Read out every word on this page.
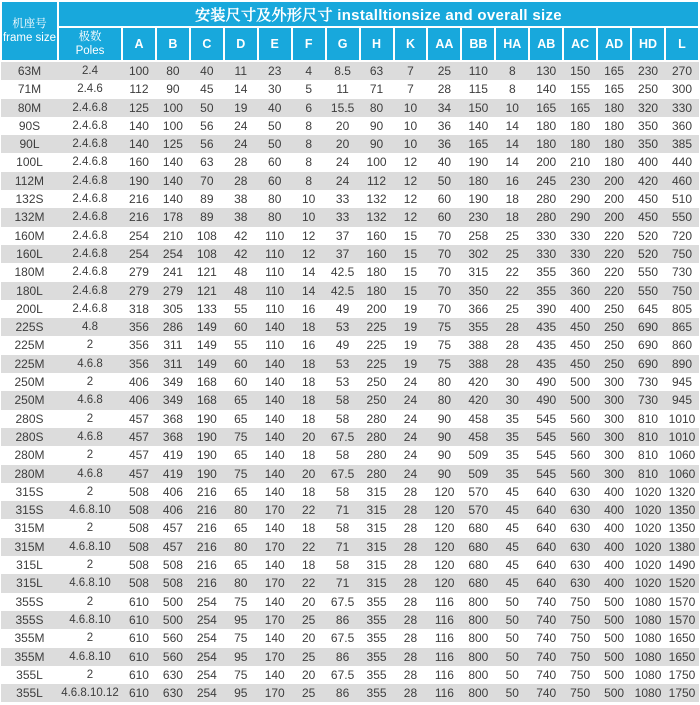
机座号
frame size	安装尺寸及外形尺寸 installtionsize and overall size																	

	极数
Poles	A	B	C	D	E	F	G	H	K	AA	BB	HA	AB	AC	AD	HD	L
63M	2.4	100	80	40	11	23	4	8.5	63	7	25	110	8	130	150	165	230	270
71M	2.4.6	112	90	45	14	30	5	11	71	7	28	115	8	140	155	165	250	300
80M	2.4.6.8	125	100	50	19	40	6	15.5	80	10	34	150	10	165	165	180	320	330
90S	2.4.6.8	140	100	56	24	50	8	20	90	10	36	140	14	180	180	180	350	360
90L	2.4.6.8	140	125	56	24	50	8	20	90	10	36	165	14	180	180	180	350	385
100L	2.4.6.8	160	140	63	28	60	8	24	100	12	40	190	14	200	210	180	400	440
112M	2.4.6.8	190	140	70	28	60	8	24	112	12	50	180	16	245	230	200	420	460
132S	2.4.6.8	216	140	89	38	80	10	33	132	12	60	190	18	280	290	200	450	510
132M	2.4.6.8	216	178	89	38	80	10	33	132	12	60	230	18	280	290	200	450	550
160M	2.4.6.8	254	210	108	42	110	12	37	160	15	70	258	25	330	330	220	520	720
160L	2.4.6.8	254	254	108	42	110	12	37	160	15	70	302	25	330	330	220	520	750
180M	2.4.6.8	279	241	121	48	110	14	42.5	180	15	70	315	22	355	360	220	550	730
180L	2.4.6.8	279	279	121	48	110	14	42.5	180	15	70	350	22	355	360	220	550	750
200L	2.4.6.8	318	305	133	55	110	16	49	200	19	70	366	25	390	400	250	645	805
225S	4.8	356	286	149	60	140	18	53	225	19	75	355	28	435	450	250	690	865
225M	2	356	311	149	55	110	16	49	225	19	75	388	28	435	450	250	690	860
225M	4.6.8	356	311	149	60	140	18	53	225	19	75	388	28	435	450	250	690	890
250M	2	406	349	168	60	140	18	53	250	24	80	420	30	490	500	300	730	945
250M	4.6.8	406	349	168	65	140	18	58	250	24	80	420	30	490	500	300	730	945
280S	2	457	368	190	65	140	18	58	280	24	90	458	35	545	560	300	810	1010
280S	4.6.8	457	368	190	75	140	20	67.5	280	24	90	458	35	545	560	300	810	1010
280M	2	457	419	190	65	140	18	58	280	24	90	509	35	545	560	300	810	1060
280M	4.6.8	457	419	190	75	140	20	67.5	280	24	90	509	35	545	560	300	810	1060
315S	2	508	406	216	65	140	18	58	315	28	120	570	45	640	630	400	1020	1320
315S	4.6.8.10	508	406	216	80	170	22	71	315	28	120	570	45	640	630	400	1020	1350
315M	2	508	457	216	65	140	18	58	315	28	120	680	45	640	630	400	1020	1350
315M	4.6.8.10	508	457	216	80	170	22	71	315	28	120	680	45	640	630	400	1020	1380
315L	2	508	508	216	65	140	18	58	315	28	120	680	45	640	630	400	1020	1490
315L	4.6.8.10	508	508	216	80	170	22	71	315	28	120	680	45	640	630	400	1020	1520
355S	2	610	500	254	75	140	20	67.5	355	28	116	800	50	740	750	500	1080	1570
355S	4.6.8.10	610	500	254	95	170	25	86	355	28	116	800	50	740	750	500	1080	1570
355M	2	610	560	254	75	140	20	67.5	355	28	116	800	50	740	750	500	1080	1650
355M	4.6.8.10	610	560	254	95	170	25	86	355	28	116	800	50	740	750	500	1080	1650
355L	2	610	630	254	75	140	20	67.5	355	28	116	800	50	740	750	500	1080	1750
355L	4.6.8.10.12	610	630	254	95	170	25	86	355	28	116	800	50	740	750	500	1080	1750
